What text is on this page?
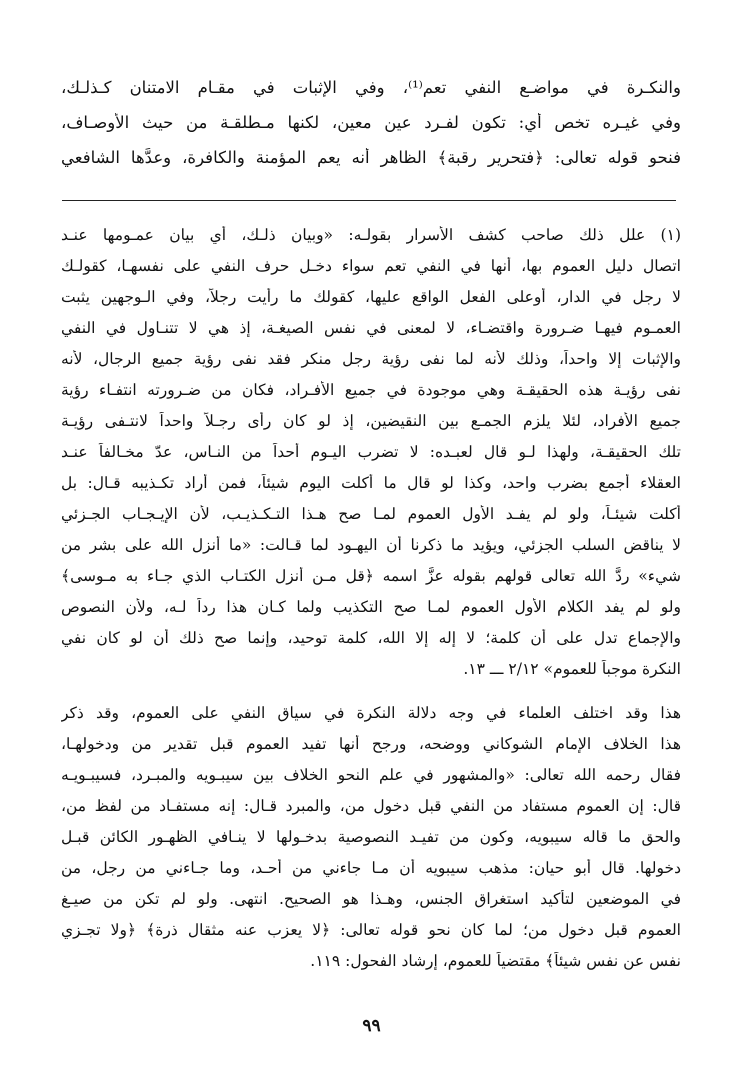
والنكـرة في مواضـع النفي تعم⁽¹⁾، وفي الإثبات في مقـام الامتنان كـذلـك،
وفي غيـره تخص أي: تكون لفـرد عين معين، لكنها مـطلقـة من حيث الأوصـاف،
فنحو قوله تعالى: ﴿فتحرير رقبة﴾ الظاهر أنه يعم المؤمنة والكافرة، وعدَّها الشافعي
(١) علل ذلك صاحب كشف الأسرار بقولـه: «وبيان ذلـك، أي بيان عمـومها عنـد
اتصال دليل العموم بها، أنها في النفي تعم سواء دخـل حرف النفي على نفسهـا، كقولـك
لا رجل في الدار، أوعلى الفعل الواقع عليها، كقولك ما رأيت رجلاً، وفي الـوجهين يثبت
العمـوم فيهـا ضـرورة واقتضـاء، لا لمعنى في نفس الصيغـة، إذ هي لا تتنـاول في النفي
والإثبات إلا واحداً، وذلك لأنه لما نفى رؤية رجل منكر فقد نفى رؤية جميع الرجال، لأنه
نفى رؤيـة هذه الحقيقـة وهي موجودة في جميع الأفـراد، فكان من ضـرورته انتفـاء رؤية
جميع الأفراد، لئلا يلزم الجمـع بين النقيضين، إذ لو كان رأى رجـلاً واحداً لانتـفى رؤيـة
تلك الحقيقـة، ولهذا لـو قال لعبـده: لا تضرب اليـوم أحداً من النـاس، عدّ مخـالفاً عنـد
العقلاء أجمع بضرب واحد، وكذا لو قال ما أكلت اليوم شيئاً، فمن أراد تكـذيبه قـال: بل
أكلت شيئـاً، ولو لم يفـد الأول العموم لمـا صح هـذا التـكـذيـب، لأن الإيـجـاب الجـزئي
لا يناقض السلب الجزئي، ويؤيد ما ذكرنا أن اليهـود لما قـالت: «ما أنزل الله على بشر من
شيء» ردَّ الله تعالى قولهم بقوله عزَّ اسمه ﴿قل مـن أنزل الكتـاب الذي جـاء به مـوسى﴾
ولو لم يفد الكلام الأول العموم لمـا صح التكذيب ولما كـان هذا رداً لـه، ولأن النصوص
والإجماع تدل على أن كلمة؛ لا إله إلا الله، كلمة توحيد، وإنما صح ذلك أن لو كان نفي
النكرة موجباً للعموم» ٢/١٢ ـــ ١٣.
هذا وقد اختلف العلماء في وجه دلالة النكرة في سياق النفي على العموم، وقد ذكر
هذا الخلاف الإمام الشوكاني ووضحه، ورجح أنها تفيد العموم قبل تقدير من ودخولهـا،
فقال رحمه الله تعالى: «والمشهور في علم النحو الخلاف بين سيبـويه والمبـرد، فسيبـويـه
قال: إن العموم مستفاد من النفي قبل دخول من، والمبرد قـال: إنه مستفـاد من لفظ من،
والحق ما قاله سيبويه، وكون من تفيـد النصوصية بدخـولها لا ينـافي الظهـور الكائن قبـل
دخولها. قال أبو حيان: مذهب سيبويه أن مـا جاءني من أحـد، وما جـاءني من رجل، من
في الموضعين لتأكيد استغراق الجنس، وهـذا هو الصحيح. انتهى. ولو لم تكن من صيـغ
العموم قبل دخول من؛ لما كان نحو قوله تعالى: ﴿لا يعزب عنه مثقال ذرة﴾ ﴿ولا تجـزي
نفس عن نفس شيئاً﴾ مقتضياً للعموم، إرشاد الفحول: ١١٩.
٩٩
